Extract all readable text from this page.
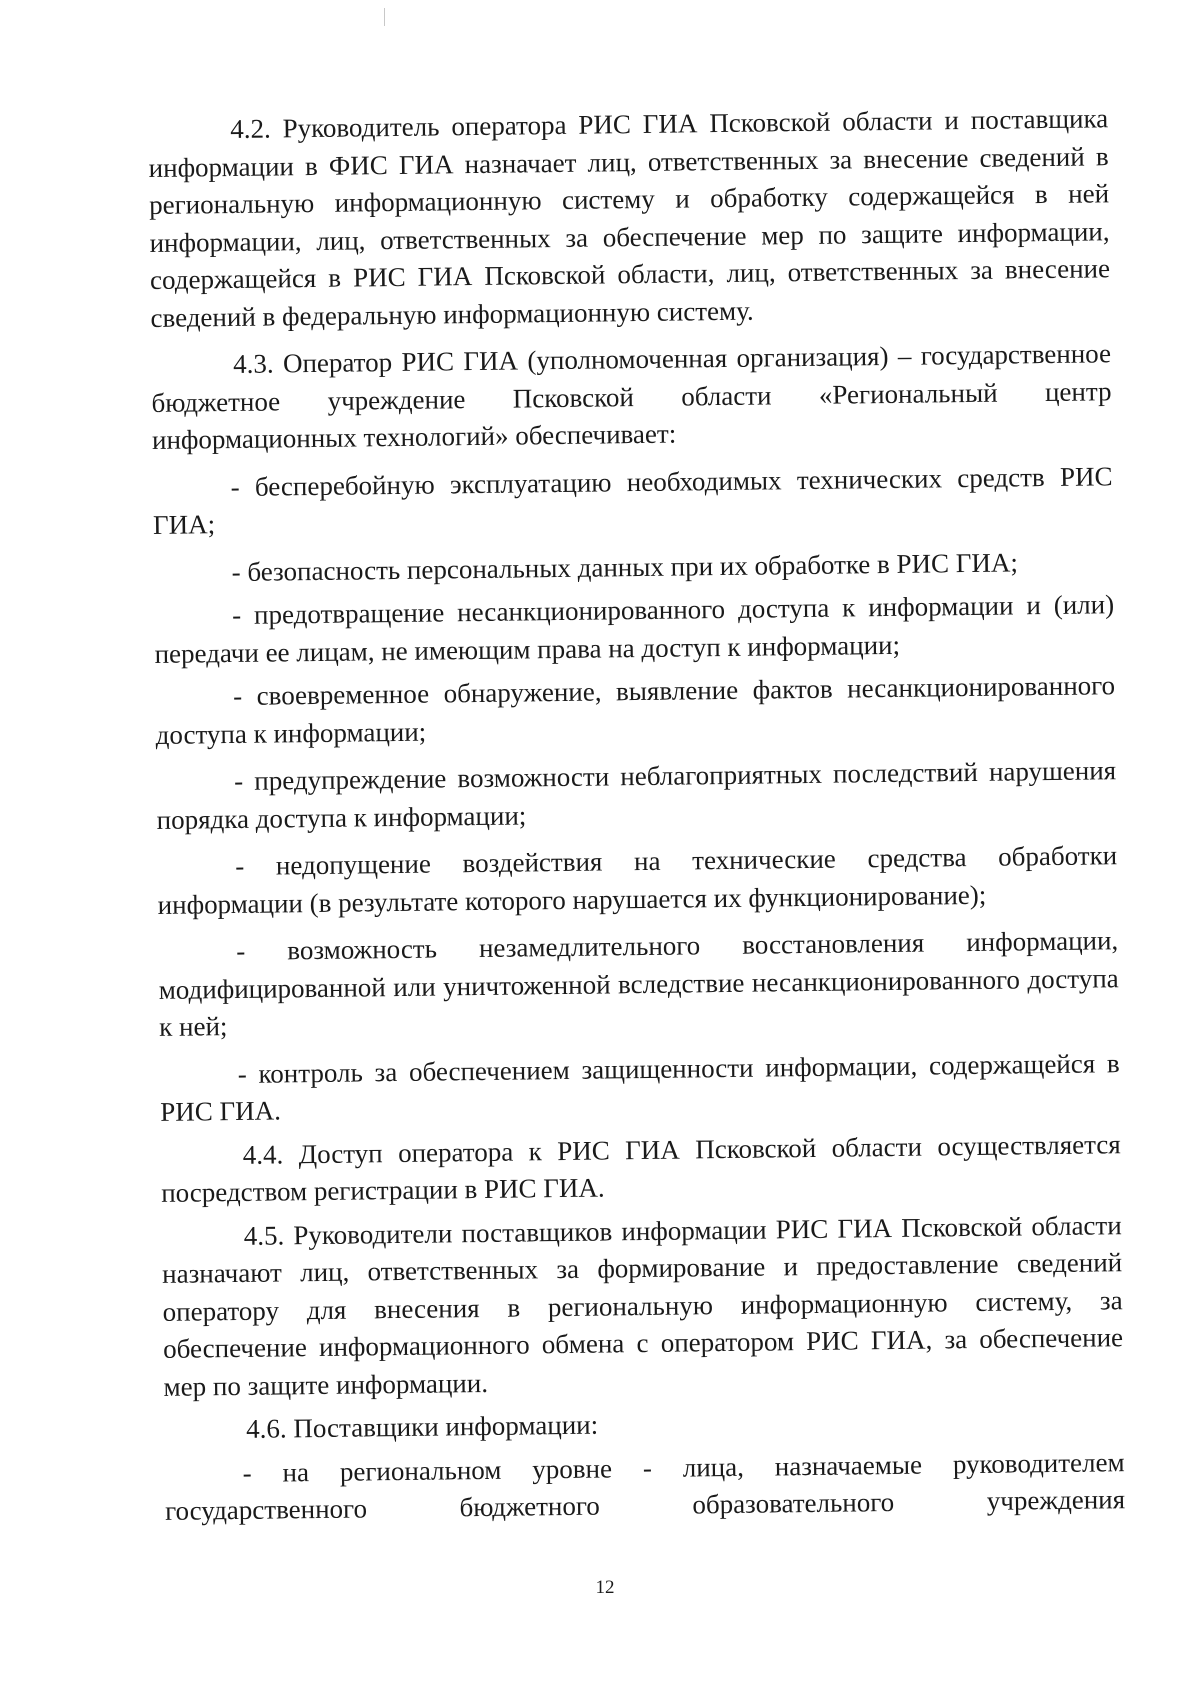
4.2. Руководитель оператора РИС ГИА Псковской области и поставщика информации в ФИС ГИА назначает лиц, ответственных за внесение сведений в региональную информационную систему и обработку содержащейся в ней информации, лиц, ответственных за обеспечение мер по защите информации, содержащейся в РИС ГИА Псковской области, лиц, ответственных за внесение сведений в федеральную информационную систему.

4.3. Оператор РИС ГИА (уполномоченная организация) – государственное бюджетное учреждение Псковской области «Региональный центр информационных технологий» обеспечивает:

- бесперебойную эксплуатацию необходимых технических средств РИС ГИА;

- безопасность персональных данных при их обработке в РИС ГИА;

- предотвращение несанкционированного доступа к информации и (или) передачи ее лицам, не имеющим права на доступ к информации;

- своевременное обнаружение, выявление фактов несанкционированного доступа к информации;

- предупреждение возможности неблагоприятных последствий нарушения порядка доступа к информации;

- недопущение воздействия на технические средства обработки информации (в результате которого нарушается их функционирование);

- возможность незамедлительного восстановления информации, модифицированной или уничтоженной вследствие несанкционированного доступа к ней;

- контроль за обеспечением защищенности информации, содержащейся в РИС ГИА.

4.4. Доступ оператора к РИС ГИА Псковской области осуществляется посредством регистрации в РИС ГИА.

4.5. Руководители поставщиков информации РИС ГИА Псковской области назначают лиц, ответственных за формирование и предоставление сведений оператору для внесения в региональную информационную систему, за обеспечение информационного обмена с оператором РИС ГИА, за обеспечение мер по защите информации.

4.6. Поставщики информации:

- на региональном уровне - лица, назначаемые руководителем государственного бюджетного образовательного учреждения

12
